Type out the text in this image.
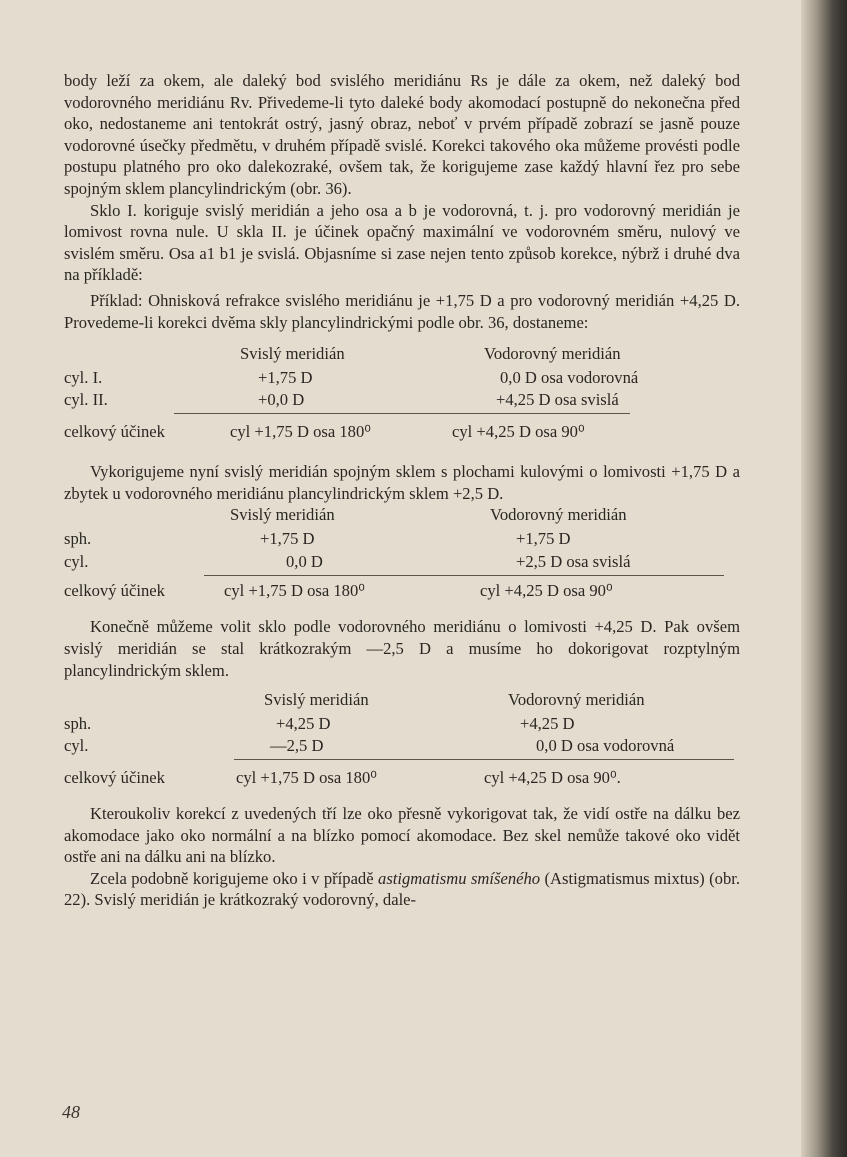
body leží za okem, ale daleký bod svislého meridiánu Rs je dále za okem, než daleký bod vodorovného meridiánu Rv. Přivedeme-li tyto daleké body akomodací postupně do nekonečna před oko, nedostaneme ani tentokrát ostrý, jasný obraz, neboť v prvém případě zobrazí se jasně pouze vodorovné úsečky předmětu, v druhém případě svislé. Korekci takového oka můžeme provésti podle postupu platného pro oko dalekozraké, ovšem tak, že korigujeme zase každý hlavní řez pro sebe spojným sklem plancylindrickým (obr. 36).

Sklo I. koriguje svislý meridián a jeho osa a b je vodorovná, t. j. pro vodorovný meridián je lomivost rovna nule. U skla II. je účinek opačný maximální ve vodorovném směru, nulový ve svislém směru. Osa a1 b1 je svislá. Objasníme si zase nejen tento způsob korekce, nýbrž i druhé dva na příkladě:

Příklad: Ohnisková refrakce svislého meridiánu je +1,75 D a pro vodorovný meridián +4,25 D. Provedeme-li korekci dvěma skly plancylindrickými podle obr. 36, dostaneme:

Svislý meridián	Vodorovný meridián
cyl. I.	+1,75 D	0,0 D osa vodorovná
cyl. II.	+0,0 D	+4,25 D osa svislá
celkový účinek	cyl +1,75 D osa 180⁰	cyl +4,25 D osa 90⁰

Vykorigujeme nyní svislý meridián spojným sklem s plochami kulovými o lomivosti +1,75 D a zbytek u vodorovného meridiánu plancylindrickým sklem +2,5 D.

Svislý meridián	Vodorovný meridián
sph.	+1,75 D	+1,75 D
cyl.	0,0 D	+2,5 D osa svislá
celkový účinek	cyl +1,75 D osa 180⁰	cyl +4,25 D osa 90⁰

Konečně můžeme volit sklo podle vodorovného meridiánu o lomivosti +4,25 D. Pak ovšem svislý meridián se stal krátkozrakým —2,5 D a musíme ho dokorigovat rozptylným plancylindrickým sklem.

Svislý meridián	Vodorovný meridián
sph.	+4,25 D	+4,25 D
cyl.	—2,5 D	0,0 D osa vodorovná
celkový účinek	cyl +1,75 D osa 180⁰	cyl +4,25 D osa 90⁰.

Kteroukoliv korekcí z uvedených tří lze oko přesně vykorigovat tak, že vidí ostře na dálku bez akomodace jako oko normální a na blízko pomocí akomodace. Bez skel nemůže takové oko vidět ostře ani na dálku ani na blízko.

Zcela podobně korigujeme oko i v případě astigmatismu smíšeného (Astigmatismus mixtus) (obr. 22). Svislý meridián je krátkozraký vodorovný, dale-

48
